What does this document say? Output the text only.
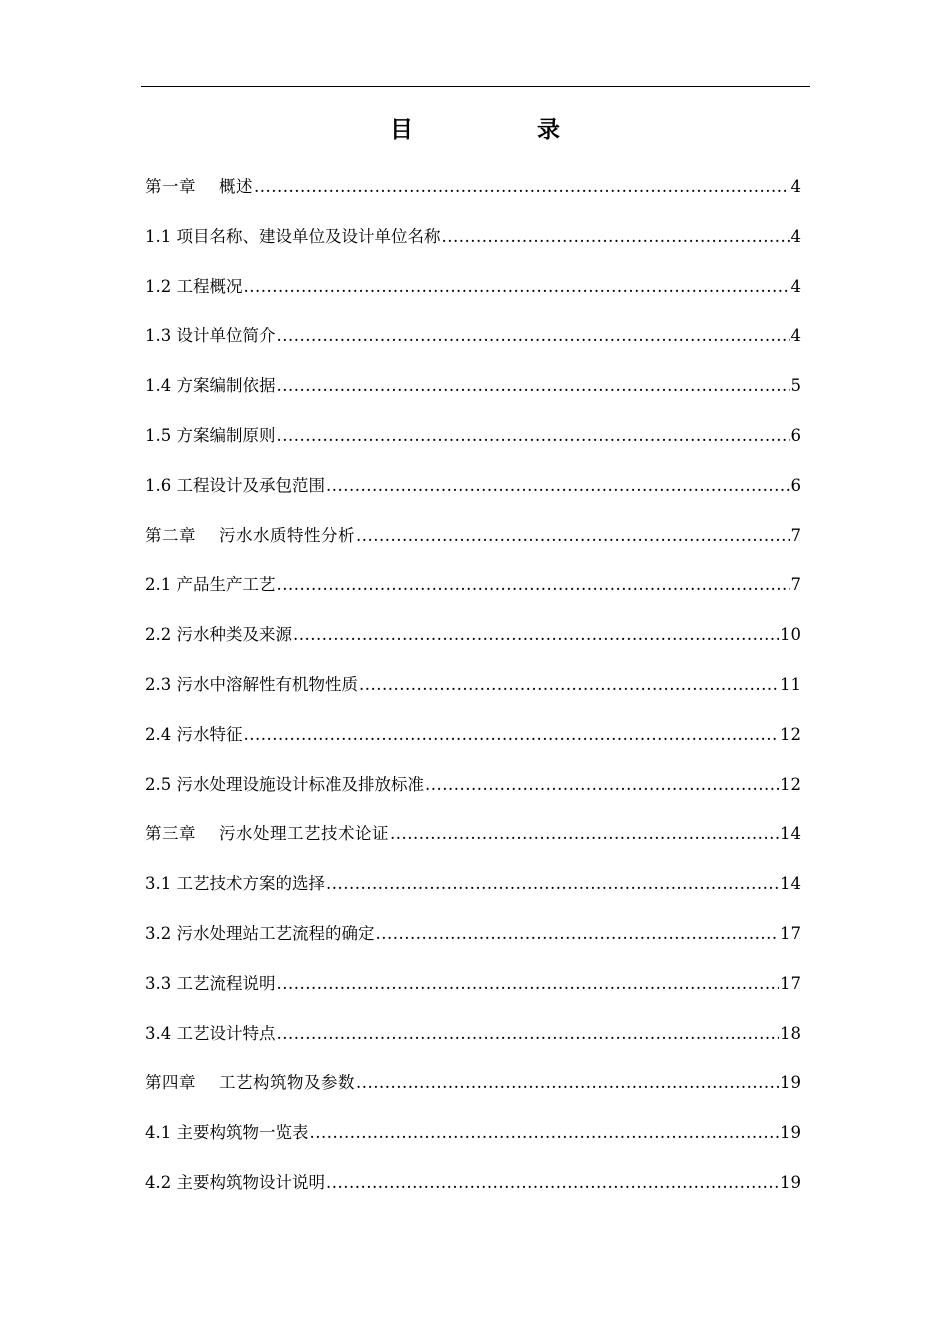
目 录
第一章    概述 .....	4
1.1 项目名称、建设单位及设计单位名称 .....	4
1.2 工程概况 .....	4
1.3 设计单位简介 .....	4
1.4 方案编制依据 .....	5
1.5 方案编制原则 .....	6
1.6 工程设计及承包范围 .....	6
第二章    污水水质特性分析 .....	7
2.1 产品生产工艺 .....	7
2.2 污水种类及来源 .....	10
2.3 污水中溶解性有机物性质 .....	11
2.4 污水特征 .....	12
2.5 污水处理设施设计标准及排放标准 .....	12
第三章    污水处理工艺技术论证 .....	14
3.1 工艺技术方案的选择 .....	14
3.2 污水处理站工艺流程的确定 .....	17
3.3 工艺流程说明 .....	17
3.4 工艺设计特点 .....	18
第四章    工艺构筑物及参数 .....	19
4.1 主要构筑物一览表 .....	19
4.2 主要构筑物设计说明 .....	19
